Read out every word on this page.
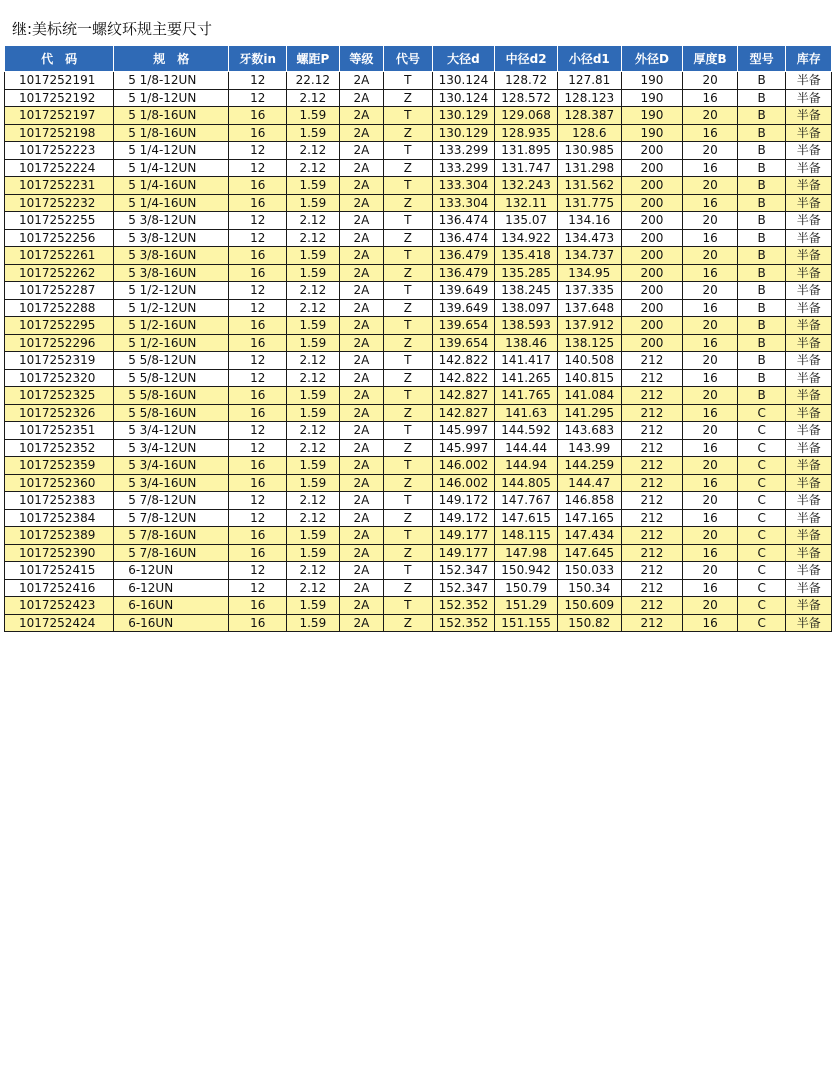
继:美标统一螺纹环规主要尺寸
代　码	规　格	牙数in	螺距P	等级	代号	大径d	中径d2	小径d1	外径D	厚度B	型号	库存
1017252191	5 1/8-12UN	12	22.12	2A	T	130.124	128.72	127.81	190	20	B	半备
1017252192	5 1/8-12UN	12	2.12	2A	Z	130.124	128.572	128.123	190	16	B	半备
1017252197	5 1/8-16UN	16	1.59	2A	T	130.129	129.068	128.387	190	20	B	半备
1017252198	5 1/8-16UN	16	1.59	2A	Z	130.129	128.935	128.6	190	16	B	半备
1017252223	5 1/4-12UN	12	2.12	2A	T	133.299	131.895	130.985	200	20	B	半备
1017252224	5 1/4-12UN	12	2.12	2A	Z	133.299	131.747	131.298	200	16	B	半备
1017252231	5 1/4-16UN	16	1.59	2A	T	133.304	132.243	131.562	200	20	B	半备
1017252232	5 1/4-16UN	16	1.59	2A	Z	133.304	132.11	131.775	200	16	B	半备
1017252255	5 3/8-12UN	12	2.12	2A	T	136.474	135.07	134.16	200	20	B	半备
1017252256	5 3/8-12UN	12	2.12	2A	Z	136.474	134.922	134.473	200	16	B	半备
1017252261	5 3/8-16UN	16	1.59	2A	T	136.479	135.418	134.737	200	20	B	半备
1017252262	5 3/8-16UN	16	1.59	2A	Z	136.479	135.285	134.95	200	16	B	半备
1017252287	5 1/2-12UN	12	2.12	2A	T	139.649	138.245	137.335	200	20	B	半备
1017252288	5 1/2-12UN	12	2.12	2A	Z	139.649	138.097	137.648	200	16	B	半备
1017252295	5 1/2-16UN	16	1.59	2A	T	139.654	138.593	137.912	200	20	B	半备
1017252296	5 1/2-16UN	16	1.59	2A	Z	139.654	138.46	138.125	200	16	B	半备
1017252319	5 5/8-12UN	12	2.12	2A	T	142.822	141.417	140.508	212	20	B	半备
1017252320	5 5/8-12UN	12	2.12	2A	Z	142.822	141.265	140.815	212	16	B	半备
1017252325	5 5/8-16UN	16	1.59	2A	T	142.827	141.765	141.084	212	20	B	半备
1017252326	5 5/8-16UN	16	1.59	2A	Z	142.827	141.63	141.295	212	16	C	半备
1017252351	5 3/4-12UN	12	2.12	2A	T	145.997	144.592	143.683	212	20	C	半备
1017252352	5 3/4-12UN	12	2.12	2A	Z	145.997	144.44	143.99	212	16	C	半备
1017252359	5 3/4-16UN	16	1.59	2A	T	146.002	144.94	144.259	212	20	C	半备
1017252360	5 3/4-16UN	16	1.59	2A	Z	146.002	144.805	144.47	212	16	C	半备
1017252383	5 7/8-12UN	12	2.12	2A	T	149.172	147.767	146.858	212	20	C	半备
1017252384	5 7/8-12UN	12	2.12	2A	Z	149.172	147.615	147.165	212	16	C	半备
1017252389	5 7/8-16UN	16	1.59	2A	T	149.177	148.115	147.434	212	20	C	半备
1017252390	5 7/8-16UN	16	1.59	2A	Z	149.177	147.98	147.645	212	16	C	半备
1017252415	6-12UN	12	2.12	2A	T	152.347	150.942	150.033	212	20	C	半备
1017252416	6-12UN	12	2.12	2A	Z	152.347	150.79	150.34	212	16	C	半备
1017252423	6-16UN	16	1.59	2A	T	152.352	151.29	150.609	212	20	C	半备
1017252424	6-16UN	16	1.59	2A	Z	152.352	151.155	150.82	212	16	C	半备
